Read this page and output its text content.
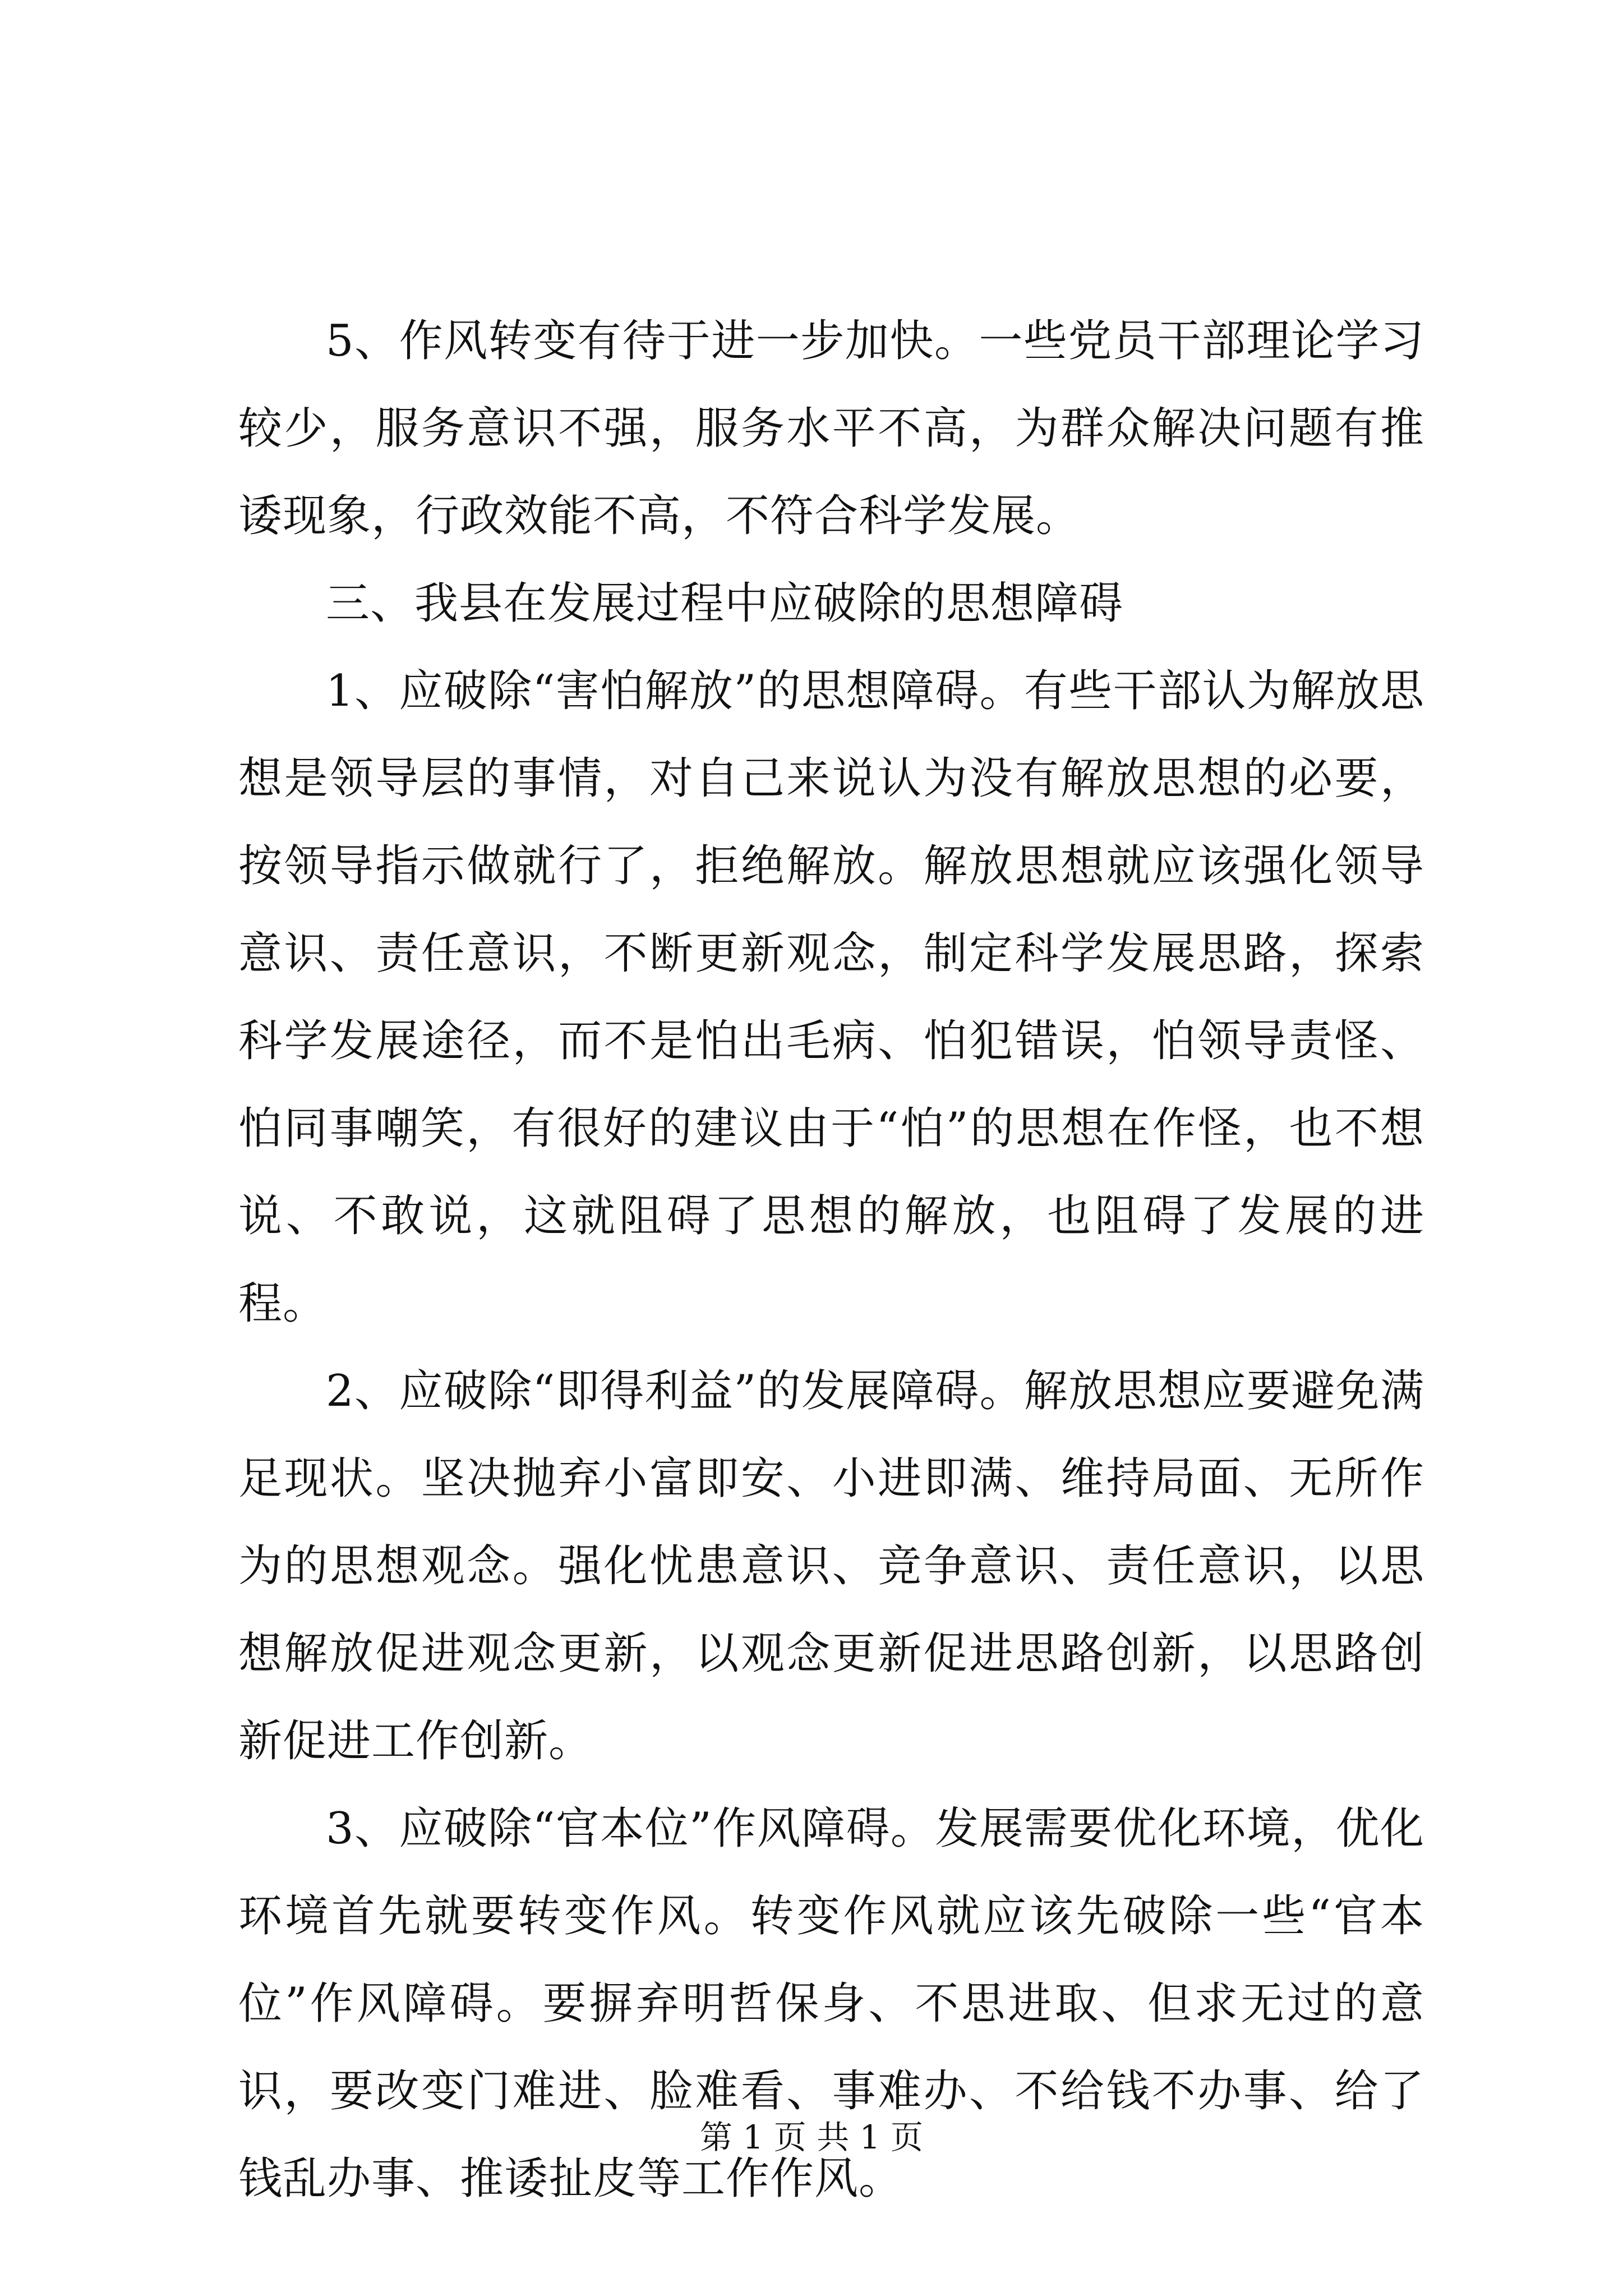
5、作风转变有待于进一步加快。一些党员干部理论学习较少，服务意识不强，服务水平不高，为群众解决问题有推诿现象，行政效能不高，不符合科学发展。

三、我县在发展过程中应破除的思想障碍

1、应破除“害怕解放”的思想障碍。有些干部认为解放思想是领导层的事情，对自己来说认为没有解放思想的必要，按领导指示做就行了，拒绝解放。解放思想就应该强化领导意识、责任意识，不断更新观念，制定科学发展思路，探索科学发展途径，而不是怕出毛病、怕犯错误，怕领导责怪、怕同事嘲笑，有很好的建议由于“怕”的思想在作怪，也不想说、不敢说，这就阻碍了思想的解放，也阻碍了发展的进程。

2、应破除“即得利益”的发展障碍。解放思想应要避免满足现状。坚决抛弃小富即安、小进即满、维持局面、无所作为的思想观念。强化忧患意识、竞争意识、责任意识，以思想解放促进观念更新，以观念更新促进思路创新，以思路创新促进工作创新。

3、应破除“官本位”作风障碍。发展需要优化环境，优化环境首先就要转变作风。转变作风就应该先破除一些“官本位”作风障碍。要摒弃明哲保身、不思进取、但求无过的意识，要改变门难进、脸难看、事难办、不给钱不办事、给了钱乱办事、推诿扯皮等工作作风。

第 1 页 共 1 页
